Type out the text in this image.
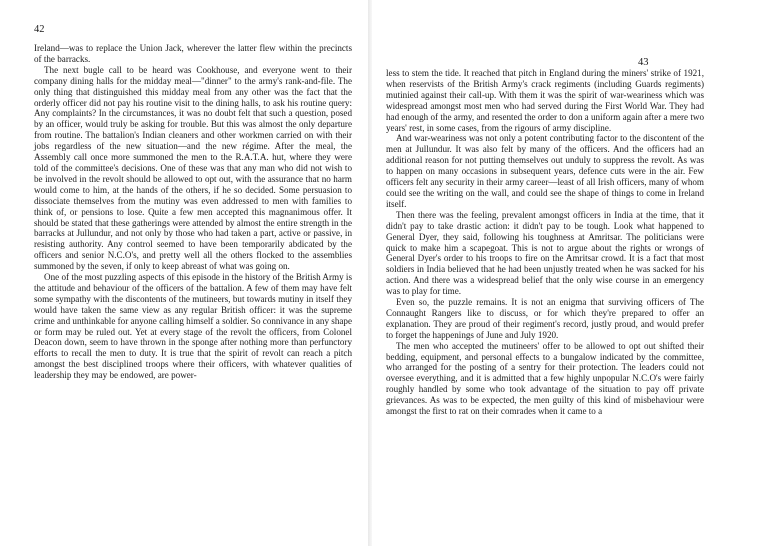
42

Ireland—was to replace the Union Jack, wherever the latter flew within the precincts of the barracks.

The next bugle call to be heard was Cookhouse, and everyone went to their company dining halls for the midday meal—"dinner" to the army's rank-and-file. The only thing that distinguished this midday meal from any other was the fact that the orderly officer did not pay his routine visit to the dining halls, to ask his routine query: Any complaints? In the circumstances, it was no doubt felt that such a question, posed by an officer, would truly be asking for trouble. But this was almost the only departure from routine. The battalion's Indian cleaners and other workmen carried on with their jobs regardless of the new situation—and the new régime. After the meal, the Assembly call once more summoned the men to the R.A.T.A. hut, where they were told of the committee's decisions. One of these was that any man who did not wish to be involved in the revolt should be allowed to opt out, with the assurance that no harm would come to him, at the hands of the others, if he so decided. Some persuasion to dissociate themselves from the mutiny was even addressed to men with families to think of, or pensions to lose. Quite a few men accepted this magnanimous offer. It should be stated that these gatherings were attended by almost the entire strength in the barracks at Jullundur, and not only by those who had taken a part, active or passive, in resisting authority. Any control seemed to have been temporarily abdicated by the officers and senior N.C.O's, and pretty well all the others flocked to the assemblies summoned by the seven, if only to keep abreast of what was going on.

One of the most puzzling aspects of this episode in the history of the British Army is the attitude and behaviour of the officers of the battalion. A few of them may have felt some sympathy with the discontents of the mutineers, but towards mutiny in itself they would have taken the same view as any regular British officer: it was the supreme crime and unthinkable for anyone calling himself a soldier. So connivance in any shape or form may be ruled out. Yet at every stage of the revolt the officers, from Colonel Deacon down, seem to have thrown in the sponge after nothing more than perfunctory efforts to recall the men to duty. It is true that the spirit of revolt can reach a pitch amongst the best disciplined troops where their officers, with whatever qualities of leadership they may be endowed, are power-

43

less to stem the tide. It reached that pitch in England during the miners' strike of 1921, when reservists of the British Army's crack regiments (including Guards regiments) mutinied against their call-up. With them it was the spirit of war-weariness which was widespread amongst most men who had served during the First World War. They had had enough of the army, and resented the order to don a uniform again after a mere two years' rest, in some cases, from the rigours of army discipline.

And war-weariness was not only a potent contributing factor to the discontent of the men at Jullundur. It was also felt by many of the officers. And the officers had an additional reason for not putting themselves out unduly to suppress the revolt. As was to happen on many occasions in subsequent years, defence cuts were in the air. Few officers felt any security in their army career—least of all Irish officers, many of whom could see the writing on the wall, and could see the shape of things to come in Ireland itself.

Then there was the feeling, prevalent amongst officers in India at the time, that it didn't pay to take drastic action: it didn't pay to be tough. Look what happened to General Dyer, they said, following his toughness at Amritsar. The politicians were quick to make him a scapegoat. This is not to argue about the rights or wrongs of General Dyer's order to his troops to fire on the Amritsar crowd. It is a fact that most soldiers in India believed that he had been unjustly treated when he was sacked for his action. And there was a widespread belief that the only wise course in an emergency was to play for time.

Even so, the puzzle remains. It is not an enigma that surviving officers of The Connaught Rangers like to discuss, or for which they're prepared to offer an explanation. They are proud of their regiment's record, justly proud, and would prefer to forget the happenings of June and July 1920.

The men who accepted the mutineers' offer to be allowed to opt out shifted their bedding, equipment, and personal effects to a bungalow indicated by the committee, who arranged for the posting of a sentry for their protection. The leaders could not oversee everything, and it is admitted that a few highly unpopular N.C.O's were fairly roughly handled by some who took advantage of the situation to pay off private grievances. As was to be expected, the men guilty of this kind of misbehaviour were amongst the first to rat on their comrades when it came to a
